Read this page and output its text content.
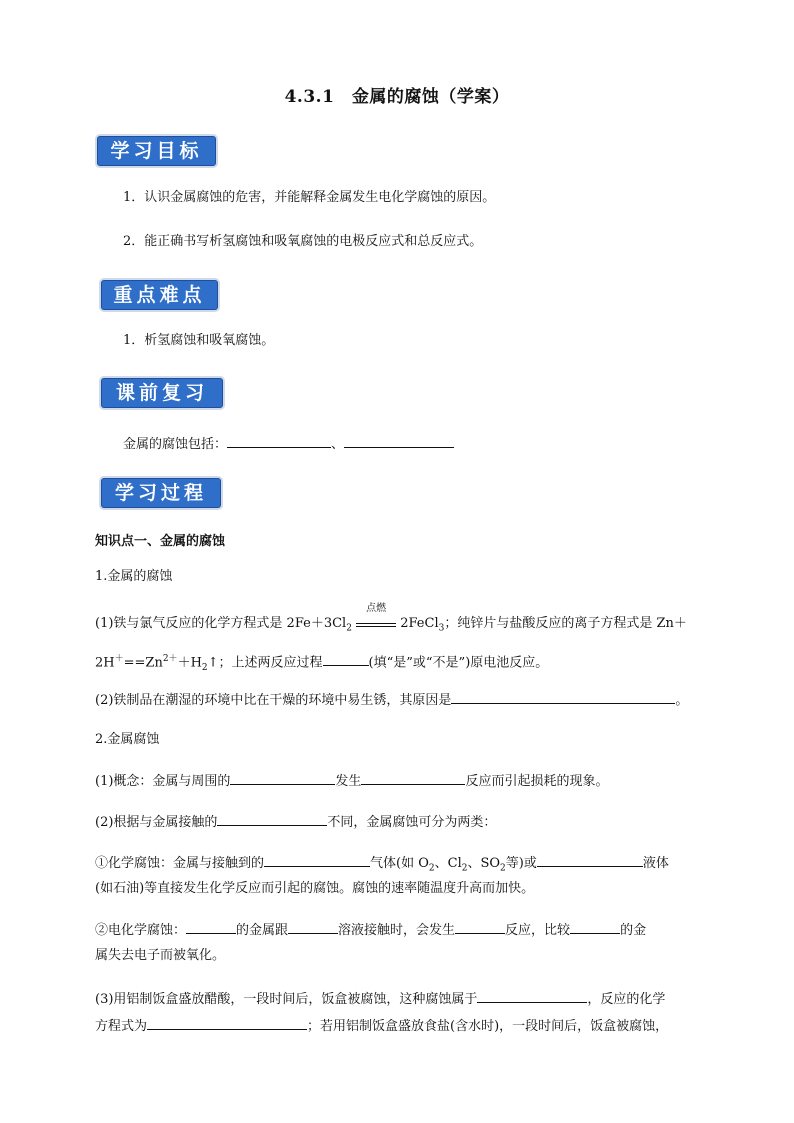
4.3.1　金属的腐蚀（学案）
学习目标
1．认识金属腐蚀的危害，并能解释金属发生电化学腐蚀的原因。
2．能正确书写析氢腐蚀和吸氧腐蚀的电极反应式和总反应式。
重点难点
1．析氢腐蚀和吸氧腐蚀。
课前复习
金属的腐蚀包括：	、
学习过程
知识点一、金属的腐蚀
1.金属的腐蚀
(1)铁与氯气反应的化学方程式是 $2Fe+3Cl_2$
点燃
2FeCl$_3$；纯锌片与盐酸反应的离子方程式是 Zn＋
$2H^+==Zn^{2+}+H_2↑$；上述两反应过程	(填“是”或“不是”)原电池反应。
(2)铁制品在潮湿的环境中比在干燥的环境中易生锈，其原因是	。
2.金属腐蚀
(1)概念：金属与周围的	发生	反应而引起损耗的现象。
(2)根据与金属接触的	不同，金属腐蚀可分为两类：
①化学腐蚀：金属与接触到的	气体(如 $O_2$、$Cl_2$、$SO_2$等)或	液体
(如石油)等直接发生化学反应而引起的腐蚀。腐蚀的速率随温度升高而加快。
②电化学腐蚀：	的金属跟	溶液接触时，会发生	反应，比较	的金
属失去电子而被氧化。
(3)用铝制饭盒盛放醋酸，一段时间后，饭盒被腐蚀，这种腐蚀属于	，反应的化学
方程式为	；若用铝制饭盒盛放食盐(含水时)，一段时间后，饭盒被腐蚀，
